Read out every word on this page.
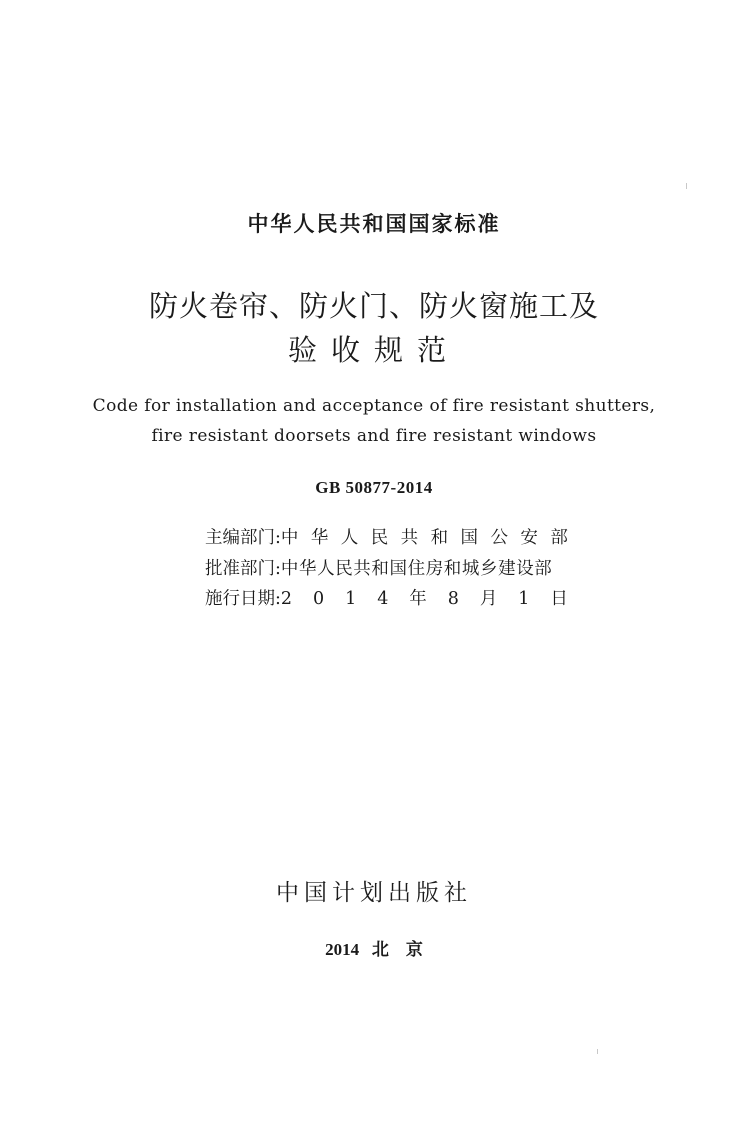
中华人民共和国国家标准
防火卷帘、防火门、防火窗施工及
验收规范
Code for installation and acceptance of fire resistant shutters,
fire resistant doorsets and fire resistant windows
GB 50877-2014
主编部门: 中 华 人 民 共 和 国 公 安 部
批准部门: 中华人民共和国住房和城乡建设部
施行日期: 2 0 1 4 年 8 月 1 日
中国计划出版社
2014 北    京
